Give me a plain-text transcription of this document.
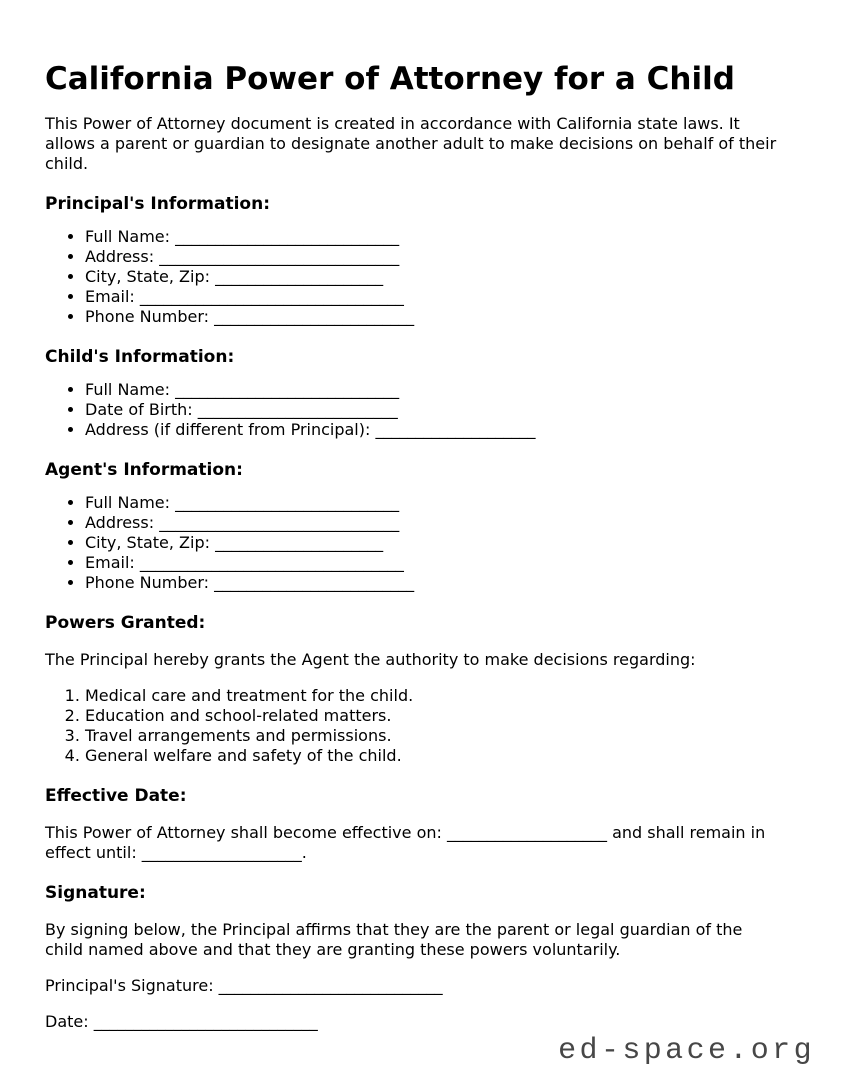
California Power of Attorney for a Child

This Power of Attorney document is created in accordance with California state laws. It allows a parent or guardian to designate another adult to make decisions on behalf of their child.

Principal's Information:
• Full Name: ____________________________
• Address: ______________________________
• City, State, Zip: _____________________
• Email: _________________________________
• Phone Number: _________________________
Child's Information:
• Full Name: ____________________________
• Date of Birth: _________________________
• Address (if different from Principal): ____________________
Agent's Information:
• Full Name: ____________________________
• Address: ______________________________
• City, State, Zip: _____________________
• Email: _________________________________
• Phone Number: _________________________
Powers Granted:

The Principal hereby grants the Agent the authority to make decisions regarding:

1. Medical care and treatment for the child.
2. Education and school-related matters.
3. Travel arrangements and permissions.
4. General welfare and safety of the child.
Effective Date:

This Power of Attorney shall become effective on: ____________________ and shall remain in effect until: ____________________.

Signature:

By signing below, the Principal affirms that they are the parent or legal guardian of the child named above and that they are granting these powers voluntarily.

Principal's Signature: ____________________________

Date: ____________________________

ed-space.org
